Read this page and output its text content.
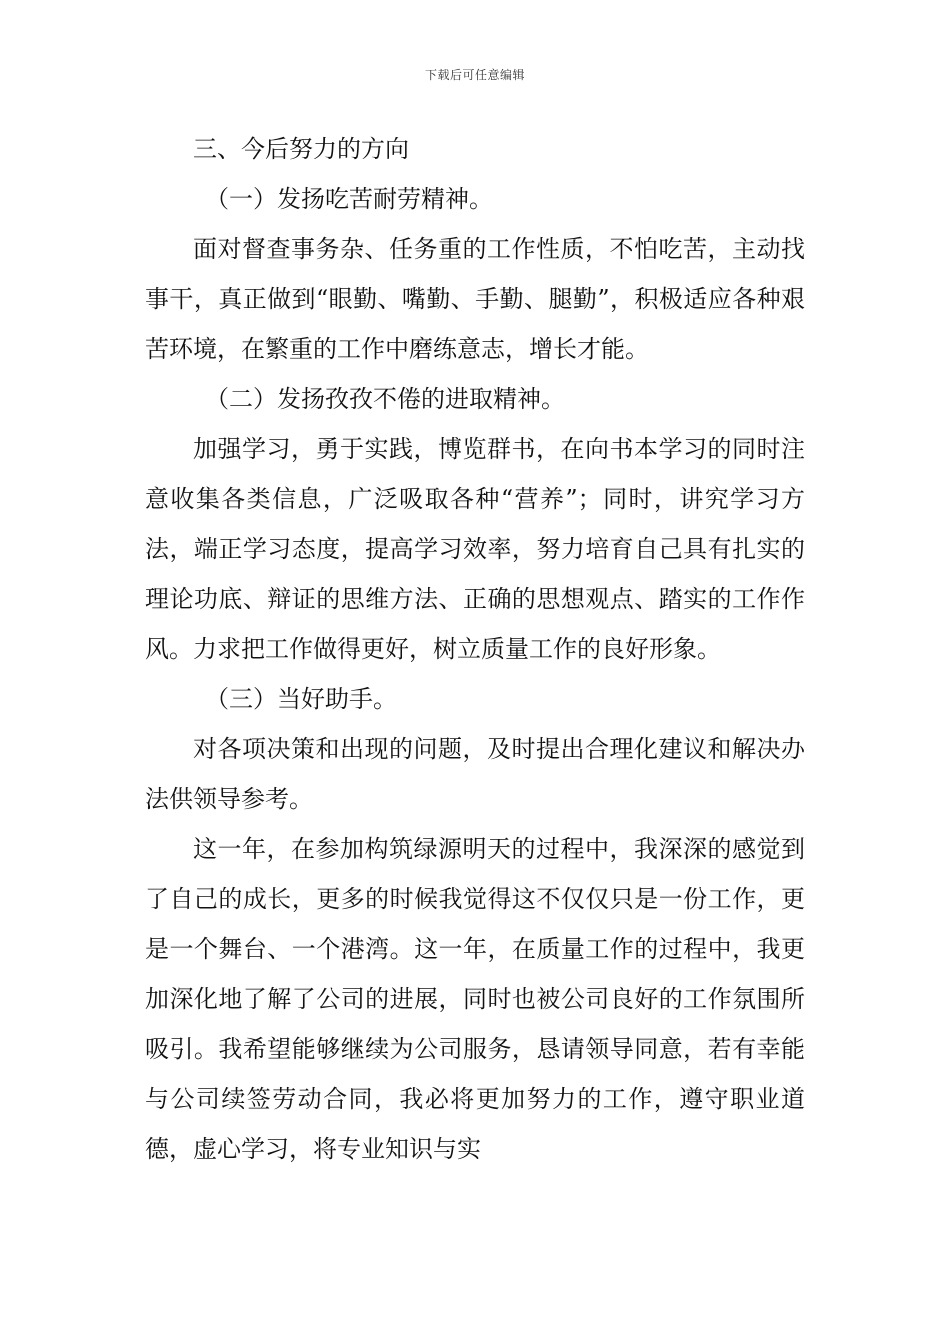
下载后可任意编辑

三、今后努力的方向

（一）发扬吃苦耐劳精神。

面对督查事务杂、任务重的工作性质，不怕吃苦，主动找事干，真正做到“眼勤、嘴勤、手勤、腿勤”，积极适应各种艰苦环境，在繁重的工作中磨练意志，增长才能。

（二）发扬孜孜不倦的进取精神。

加强学习，勇于实践，博览群书，在向书本学习的同时注意收集各类信息，广泛吸取各种“营养”；同时，讲究学习方法，端正学习态度，提高学习效率，努力培育自己具有扎实的理论功底、辩证的思维方法、正确的思想观点、踏实的工作作风。力求把工作做得更好，树立质量工作的良好形象。

（三）当好助手。

对各项决策和出现的问题，及时提出合理化建议和解决办法供领导参考。

这一年，在参加构筑绿源明天的过程中，我深深的感觉到了自己的成长，更多的时候我觉得这不仅仅只是一份工作，更是一个舞台、一个港湾。这一年，在质量工作的过程中，我更加深化地了解了公司的进展，同时也被公司良好的工作氛围所吸引。我希望能够继续为公司服务，恳请领导同意，若有幸能与公司续签劳动合同，我必将更加努力的工作，遵守职业道德，虚心学习，将专业知识与实
